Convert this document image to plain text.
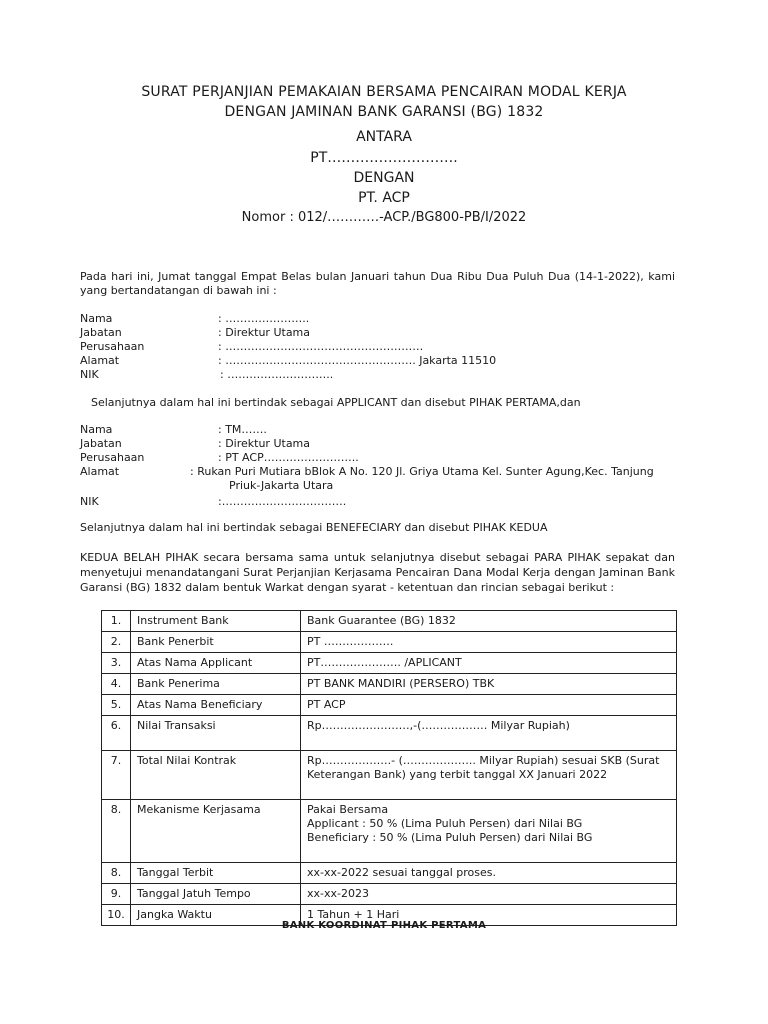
SURAT PERJANJIAN PEMAKAIAN BERSAMA PENCAIRAN MODAL KERJA
DENGAN JAMINAN BANK GARANSI (BG) 1832
ANTARA
PT……………………….
DENGAN
PT. ACP
Nomor : 012/…………-ACP./BG800-PB/I/2022
Pada hari ini, Jumat tanggal Empat Belas bulan Januari tahun Dua Ribu Dua Puluh Dua (14-1-2022), kami yang bertandatangan di bawah ini :
Nama	: …………………..
Jabatan	: Direktur Utama
Perusahaan	: ………………………………………………
Alamat	: ……………………………………………. Jakarta 11510
NIK	: ………………………..
Selanjutnya dalam hal ini bertindak sebagai APPLICANT dan disebut PIHAK PERTAMA,dan
Nama	: TM…….
Jabatan	: Direktur Utama
Perusahaan	: PT ACP……………………..
Alamat	: Rukan Puri Mutiara bBlok A No. 120 Jl. Griya Utama Kel. Sunter Agung,Kec. Tanjung
Priuk-Jakarta Utara
NIK	:…………………………….
Selanjutnya dalam hal ini bertindak sebagai BENEFECIARY dan disebut PIHAK KEDUA
KEDUA BELAH PIHAK secara bersama sama untuk selanjutnya disebut sebagai PARA PIHAK sepakat dan menyetujui menandatangani Surat Perjanjian Kerjasama Pencairan Dana Modal Kerja dengan Jaminan Bank Garansi (BG) 1832 dalam bentuk Warkat dengan syarat - ketentuan dan rincian sebagai berikut :
1.	Instrument Bank	Bank Guarantee (BG) 1832

2.	Bank Penerbit	PT ……………….

3.	Atas Nama Applicant	PT…………………. /APLICANT

4.	Bank Penerima	PT BANK MANDIRI (PERSERO) TBK

5.	Atas Nama Beneficiary	PT ACP

6.	Nilai Transaksi	Rp……………………,-(……………… Milyar Rupiah)

7.	Total Nilai Kontrak	Rp……………….- (……………….. Milyar Rupiah) sesuai SKB (Surat
Keterangan Bank) yang terbit tanggal XX Januari 2022

8.	Mekanisme Kerjasama	Pakai Bersama
Applicant : 50 % (Lima Puluh Persen) dari Nilai BG
Beneficiary : 50 % (Lima Puluh Persen) dari Nilai BG

8.	Tanggal Terbit	xx-xx-2022 sesuai tanggal proses.

9.	Tanggal Jatuh Tempo	xx-xx-2023

10.	Jangka Waktu	1 Tahun + 1 Hari
BANK KOORDINAT PIHAK PERTAMA
